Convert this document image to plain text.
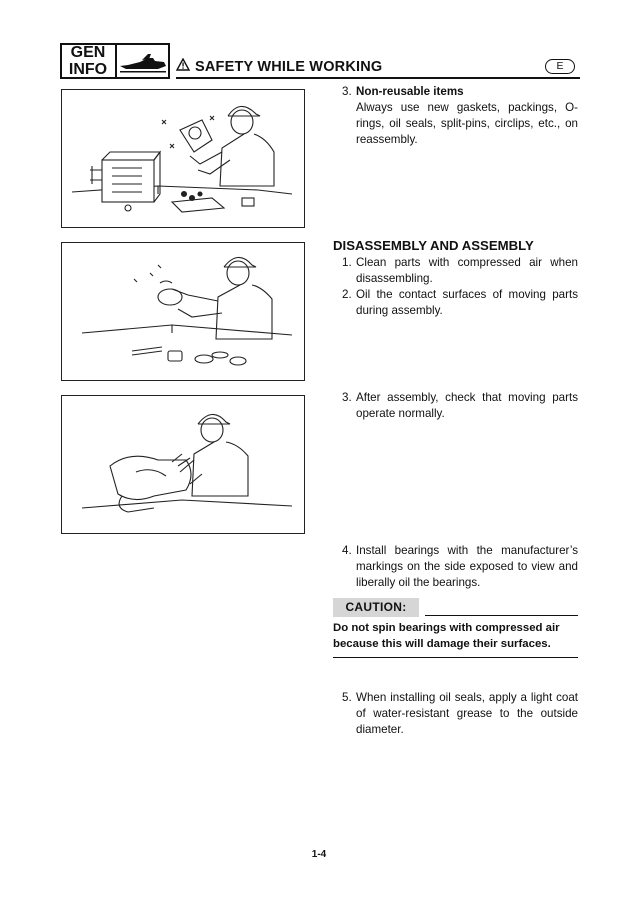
GEN
INFO	SAFETY WHILE WORKING	E
3. Non-reusable items
Always use new gaskets, packings, O-rings, oil seals, split-pins, circlips, etc., on reassembly.
DISASSEMBLY AND ASSEMBLY
1. Clean parts with compressed air when disassembling.
2. Oil the contact surfaces of moving parts during assembly.
3. After assembly, check that moving parts operate normally.
4. Install bearings with the manufacturer’s markings on the side exposed to view and liberally oil the bearings.
CAUTION:
Do not spin bearings with compressed air because this will damage their surfaces.
5. When installing oil seals, apply a light coat of water-resistant grease to the outside diameter.
1-4
